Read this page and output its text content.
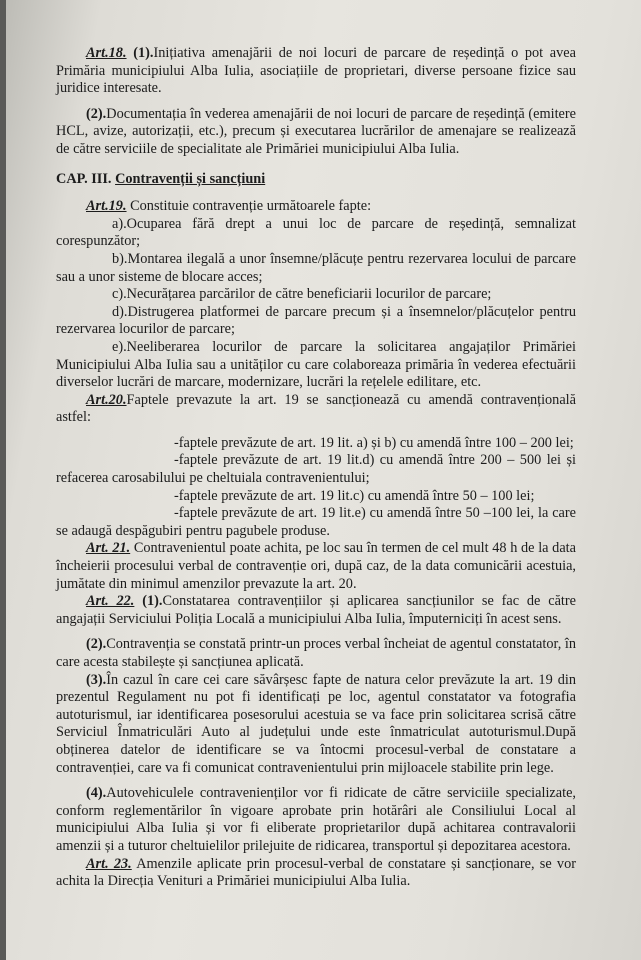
Art.18. (1).Inițiativa amenajării de noi locuri de parcare de reședință o pot avea Primăria municipiului Alba Iulia, asociațiile de proprietari, diverse persoane fizice sau juridice interesate.

(2).Documentația în vederea amenajării de noi locuri de parcare de reședință (emitere HCL, avize, autorizații, etc.), precum și executarea lucrărilor de amenajare se realizează de către serviciile de specialitate ale Primăriei municipiului Alba Iulia.

CAP. III. Contravenții și sancțiuni

Art.19. Constituie contravenție următoarele fapte:

a).Ocuparea fără drept a unui loc de parcare de reședință, semnalizat corespunzător;

b).Montarea ilegală a unor însemne/plăcuțe pentru rezervarea locului de parcare sau a unor sisteme de blocare acces;

c).Necurățarea parcărilor de către beneficiarii locurilor de parcare;

d).Distrugerea platformei de parcare precum și a însemnelor/plăcuțelor pentru rezervarea locurilor de parcare;

e).Neeliberarea locurilor de parcare la solicitarea angajaților Primăriei Municipiului Alba Iulia sau a unităților cu care colaboreaza primăria în vederea efectuării diverselor lucrări de marcare, modernizare, lucrări la rețelele edilitare, etc.

Art.20.Faptele prevazute la art. 19 se sancționează cu amendă contravențională astfel:

-faptele prevăzute de art. 19 lit. a) și b) cu amendă între 100 – 200 lei;

-faptele prevăzute de art. 19 lit.d) cu amendă între 200 – 500 lei și refacerea carosabilului pe cheltuiala contravenientului;

-faptele prevăzute de art. 19 lit.c) cu amendă între 50 – 100 lei;

-faptele prevăzute de art. 19 lit.e) cu amendă între 50 –100 lei, la care se adaugă despăgubiri pentru pagubele produse.

Art. 21. Contravenientul poate achita, pe loc sau în termen de cel mult 48 h de la data încheierii procesului verbal de contravenție ori, după caz, de la data comunicării acestuia, jumătate din minimul amenzilor prevazute la art. 20.

Art. 22. (1).Constatarea contravențiilor și aplicarea sancțiunilor se fac de către angajații Serviciului Poliția Locală a municipiului Alba Iulia, împuterniciți în acest sens.

(2).Contravenția se constată printr-un proces verbal încheiat de agentul constatator, în care acesta stabilește și sancțiunea aplicată.

(3).În cazul în care cei care săvârșesc fapte de natura celor prevăzute la art. 19 din prezentul Regulament nu pot fi identificați pe loc, agentul constatator va fotografia autoturismul, iar identificarea posesorului acestuia se va face prin solicitarea scrisă către Serviciul Înmatriculări Auto al județului unde este înmatriculat autoturismul.După obținerea datelor de identificare se va întocmi procesul-verbal de constatare a contravenției, care va fi comunicat contravenientului prin mijloacele stabilite prin lege.

(4).Autovehiculele contravenienților vor fi ridicate de către serviciile specializate, conform reglementărilor în vigoare aprobate prin hotărâri ale Consiliului Local al municipiului Alba Iulia și vor fi eliberate proprietarilor după achitarea contravalorii amenzii și a tuturor cheltuielilor prilejuite de ridicarea, transportul și depozitarea acestora.

Art. 23. Amenzile aplicate prin procesul-verbal de constatare și sancționare, se vor achita la Direcția Venituri a Primăriei municipiului Alba Iulia.
